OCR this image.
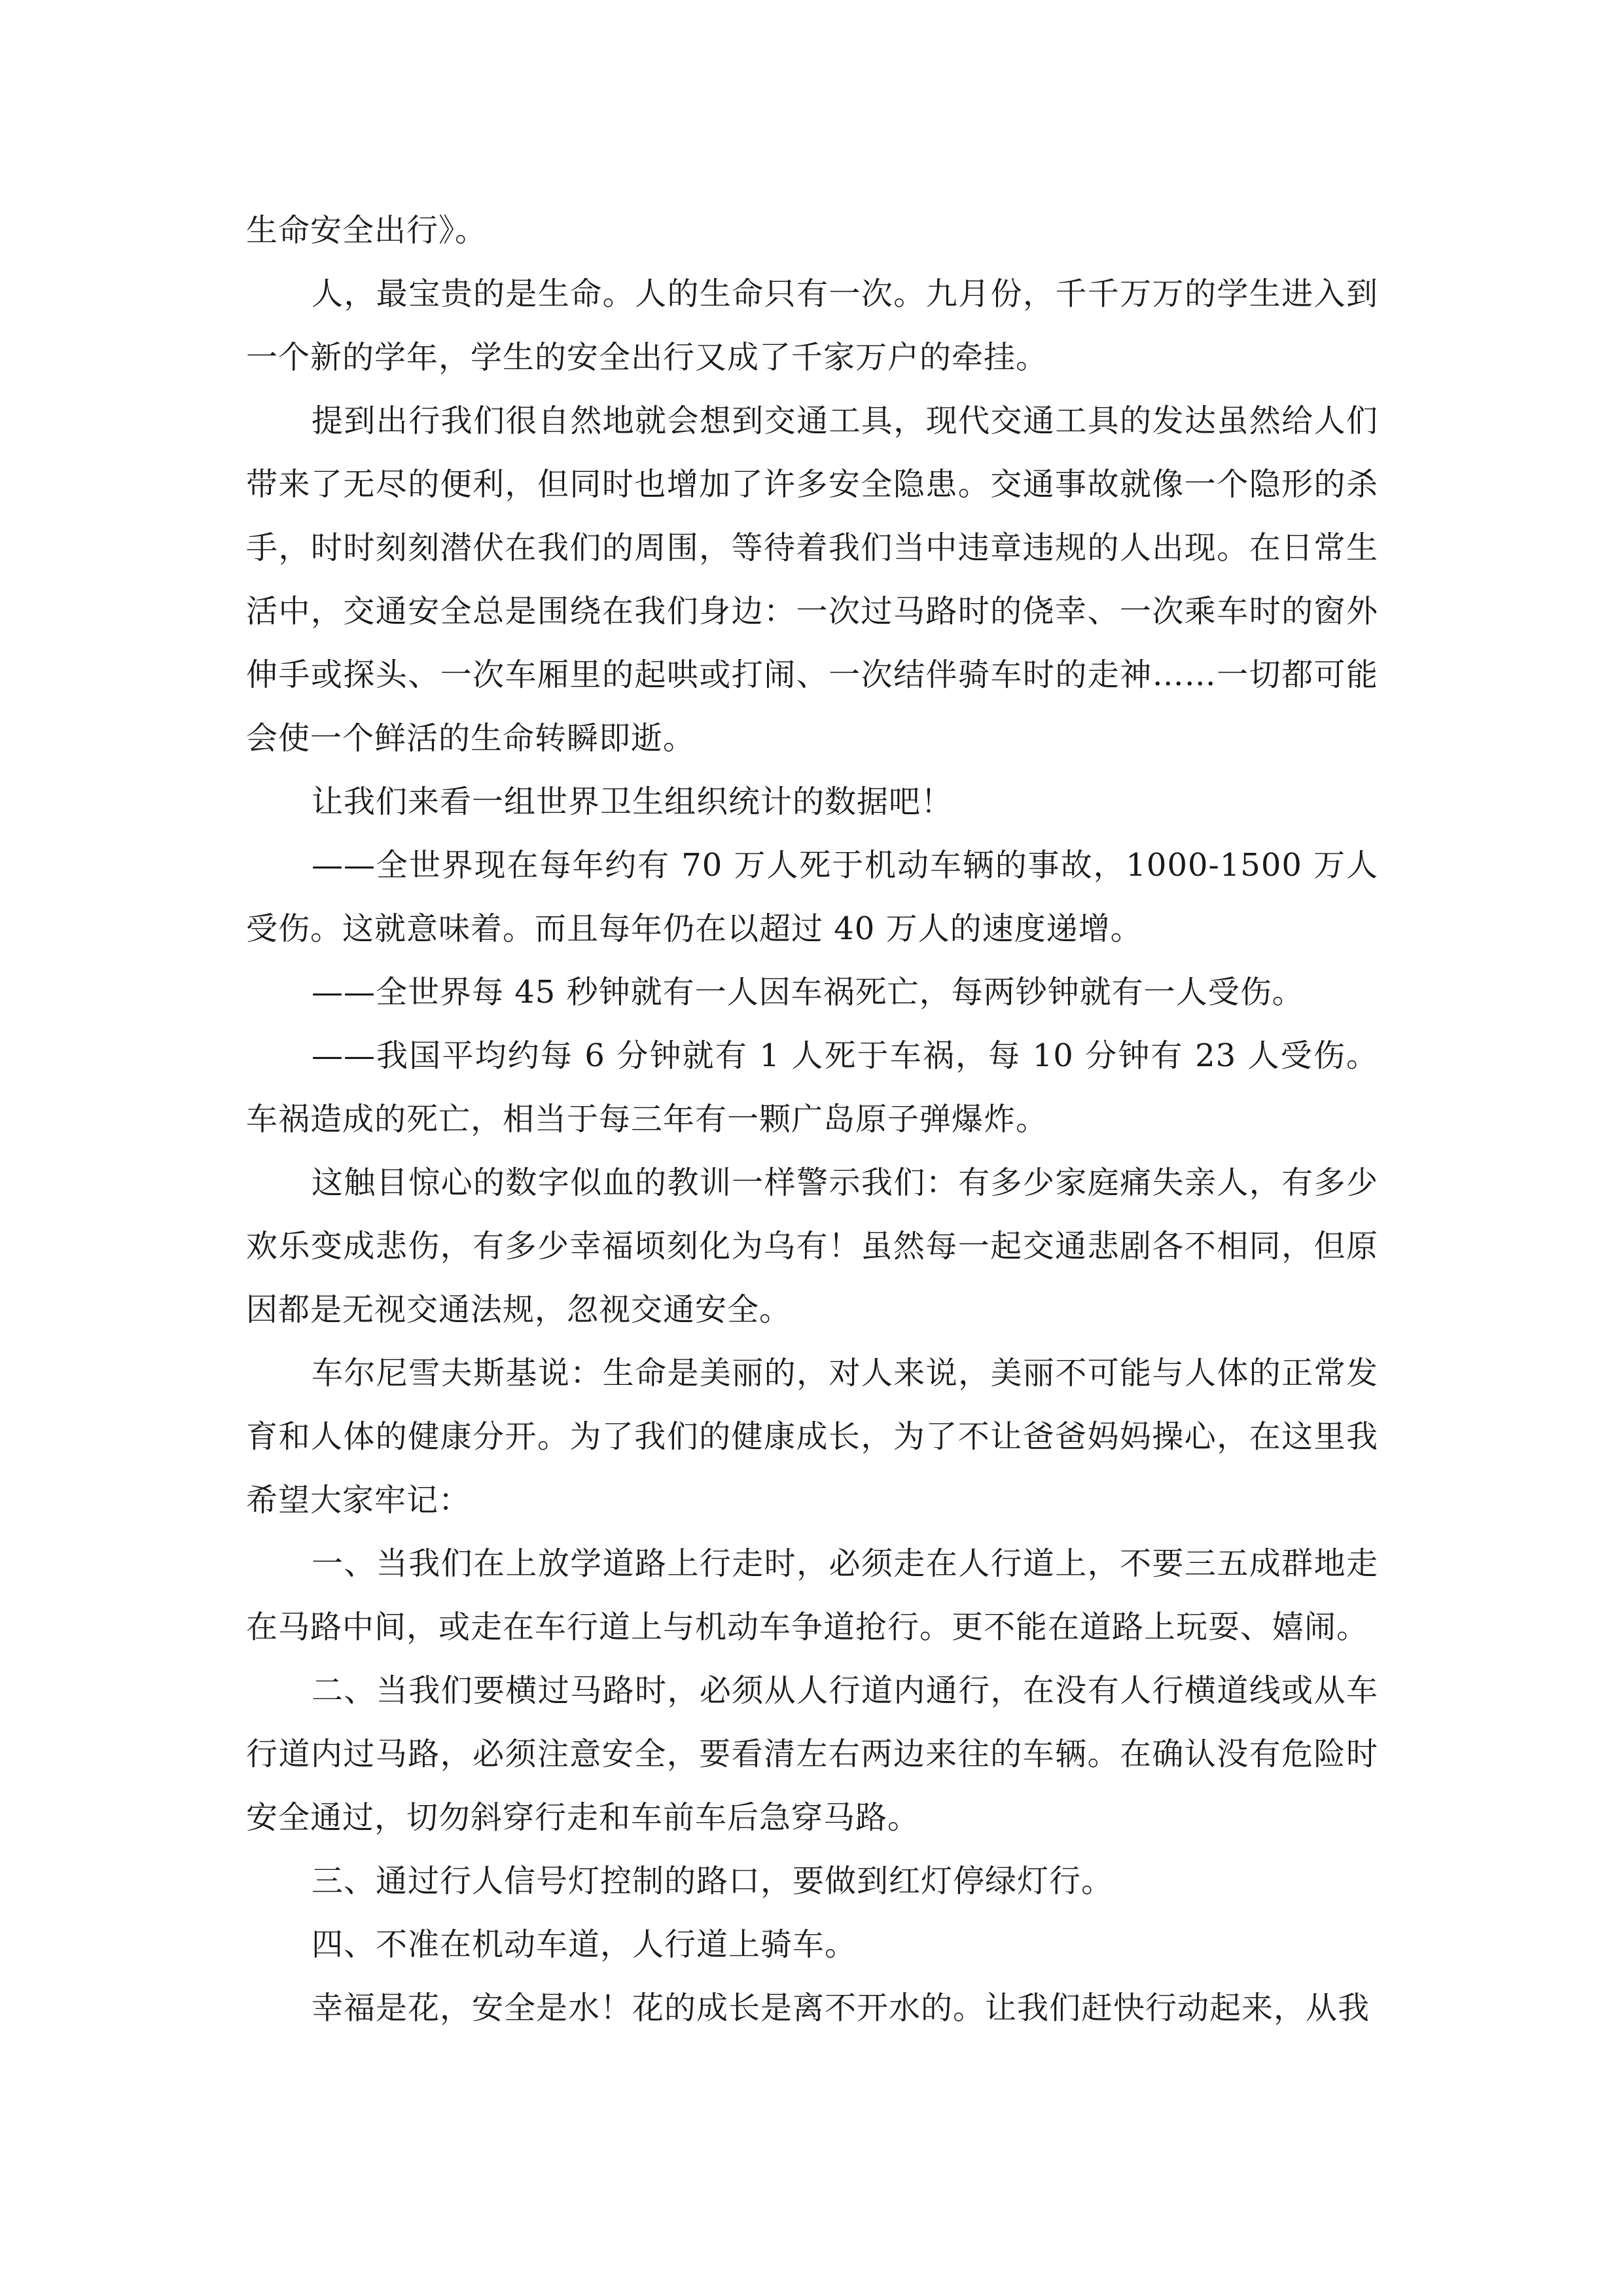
生命安全出行》。

人，最宝贵的是生命。人的生命只有一次。九月份，千千万万的学生进入到一个新的学年，学生的安全出行又成了千家万户的牵挂。

提到出行我们很自然地就会想到交通工具，现代交通工具的发达虽然给人们带来了无尽的便利，但同时也增加了许多安全隐患。交通事故就像一个隐形的杀手，时时刻刻潜伏在我们的周围，等待着我们当中违章违规的人出现。在日常生活中，交通安全总是围绕在我们身边：一次过马路时的侥幸、一次乘车时的窗外伸手或探头、一次车厢里的起哄或打闹、一次结伴骑车时的走神……一切都可能会使一个鲜活的生命转瞬即逝。

让我们来看一组世界卫生组织统计的数据吧！

——全世界现在每年约有 70 万人死于机动车辆的事故，1000-1500 万人受伤。这就意味着。而且每年仍在以超过 40 万人的速度递增。

——全世界每 45 秒钟就有一人因车祸死亡，每两钞钟就有一人受伤。

——我国平均约每 6 分钟就有 1 人死于车祸，每 10 分钟有 23 人受伤。车祸造成的死亡，相当于每三年有一颗广岛原子弹爆炸。

这触目惊心的数字似血的教训一样警示我们：有多少家庭痛失亲人，有多少欢乐变成悲伤，有多少幸福顷刻化为乌有！虽然每一起交通悲剧各不相同，但原因都是无视交通法规，忽视交通安全。

车尔尼雪夫斯基说：生命是美丽的，对人来说，美丽不可能与人体的正常发育和人体的健康分开。为了我们的健康成长，为了不让爸爸妈妈操心，在这里我希望大家牢记：

一、当我们在上放学道路上行走时，必须走在人行道上，不要三五成群地走在马路中间，或走在车行道上与机动车争道抢行。更不能在道路上玩耍、嬉闹。

二、当我们要横过马路时，必须从人行道内通行，在没有人行横道线或从车行道内过马路，必须注意安全，要看清左右两边来往的车辆。在确认没有危险时安全通过，切勿斜穿行走和车前车后急穿马路。

三、通过行人信号灯控制的路口，要做到红灯停绿灯行。

四、不准在机动车道，人行道上骑车。

幸福是花，安全是水！花的成长是离不开水的。让我们赶快行动起来，从我
